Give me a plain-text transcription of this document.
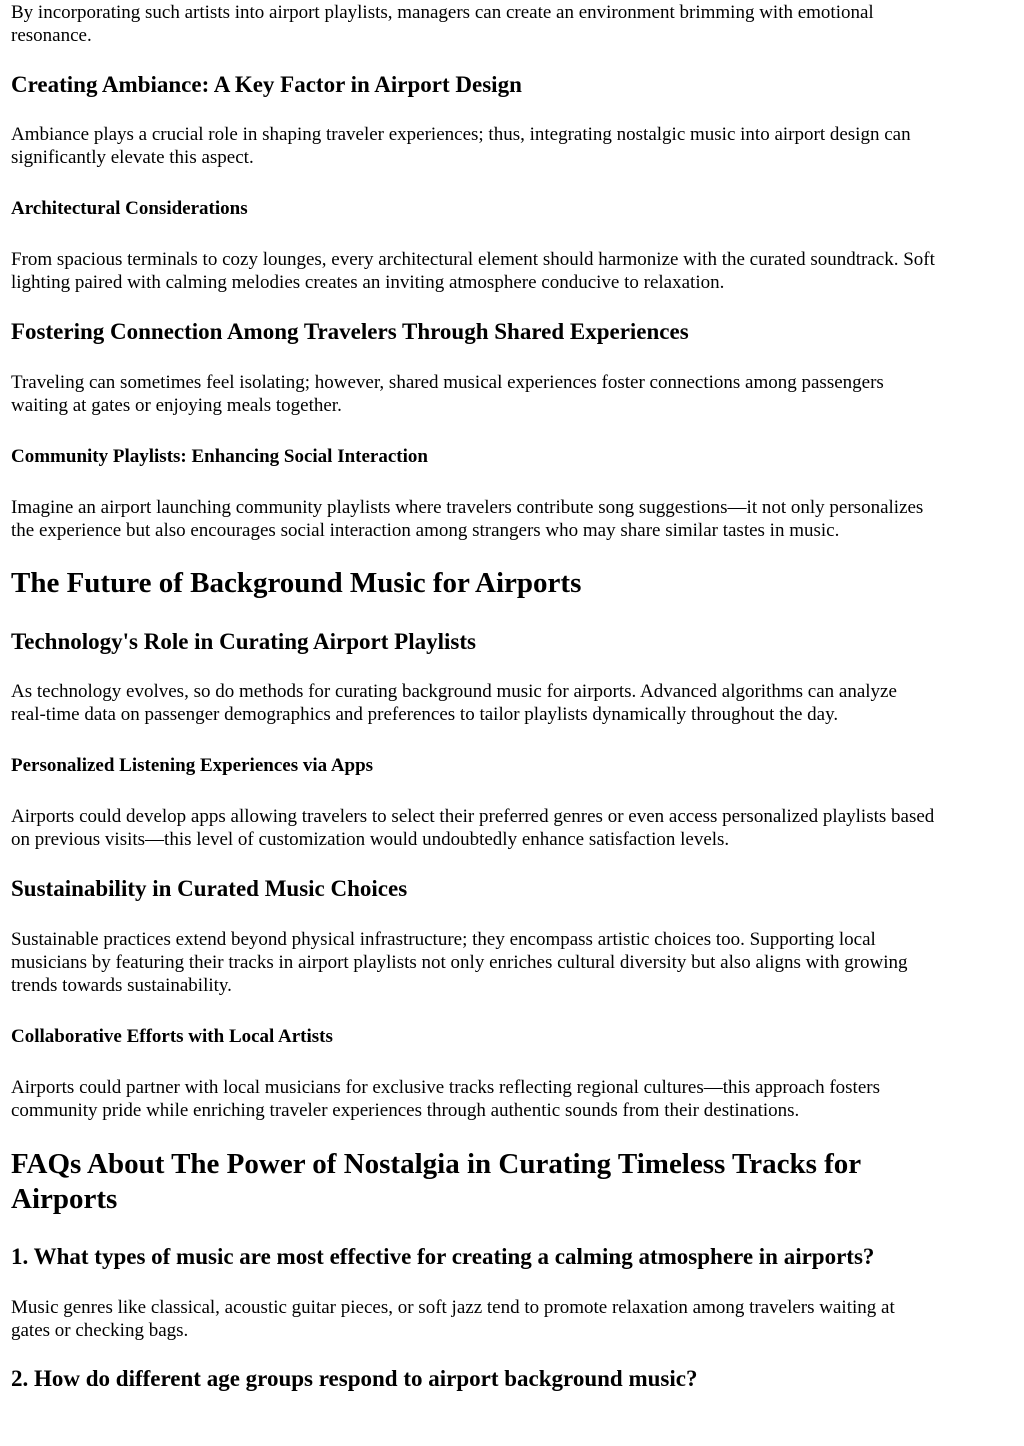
By incorporating such artists into airport playlists, managers can create an environment brimming with emotional
resonance.

Creating Ambiance: A Key Factor in Airport Design

Ambiance plays a crucial role in shaping traveler experiences; thus, integrating nostalgic music into airport design can
significantly elevate this aspect.

Architectural Considerations

From spacious terminals to cozy lounges, every architectural element should harmonize with the curated soundtrack. Soft
lighting paired with calming melodies creates an inviting atmosphere conducive to relaxation.

Fostering Connection Among Travelers Through Shared Experiences

Traveling can sometimes feel isolating; however, shared musical experiences foster connections among passengers
waiting at gates or enjoying meals together.

Community Playlists: Enhancing Social Interaction

Imagine an airport launching community playlists where travelers contribute song suggestions—it not only personalizes
the experience but also encourages social interaction among strangers who may share similar tastes in music.

The Future of Background Music for Airports
Technology's Role in Curating Airport Playlists

As technology evolves, so do methods for curating background music for airports. Advanced algorithms can analyze
real-time data on passenger demographics and preferences to tailor playlists dynamically throughout the day.

Personalized Listening Experiences via Apps

Airports could develop apps allowing travelers to select their preferred genres or even access personalized playlists based
on previous visits—this level of customization would undoubtedly enhance satisfaction levels.

Sustainability in Curated Music Choices

Sustainable practices extend beyond physical infrastructure; they encompass artistic choices too. Supporting local
musicians by featuring their tracks in airport playlists not only enriches cultural diversity but also aligns with growing
trends towards sustainability.

Collaborative Efforts with Local Artists

Airports could partner with local musicians for exclusive tracks reflecting regional cultures—this approach fosters
community pride while enriching traveler experiences through authentic sounds from their destinations.

FAQs About The Power of Nostalgia in Curating Timeless Tracks for
Airports
1. What types of music are most effective for creating a calming atmosphere in airports?

Music genres like classical, acoustic guitar pieces, or soft jazz tend to promote relaxation among travelers waiting at
gates or checking bags.

2. How do different age groups respond to airport background music?
